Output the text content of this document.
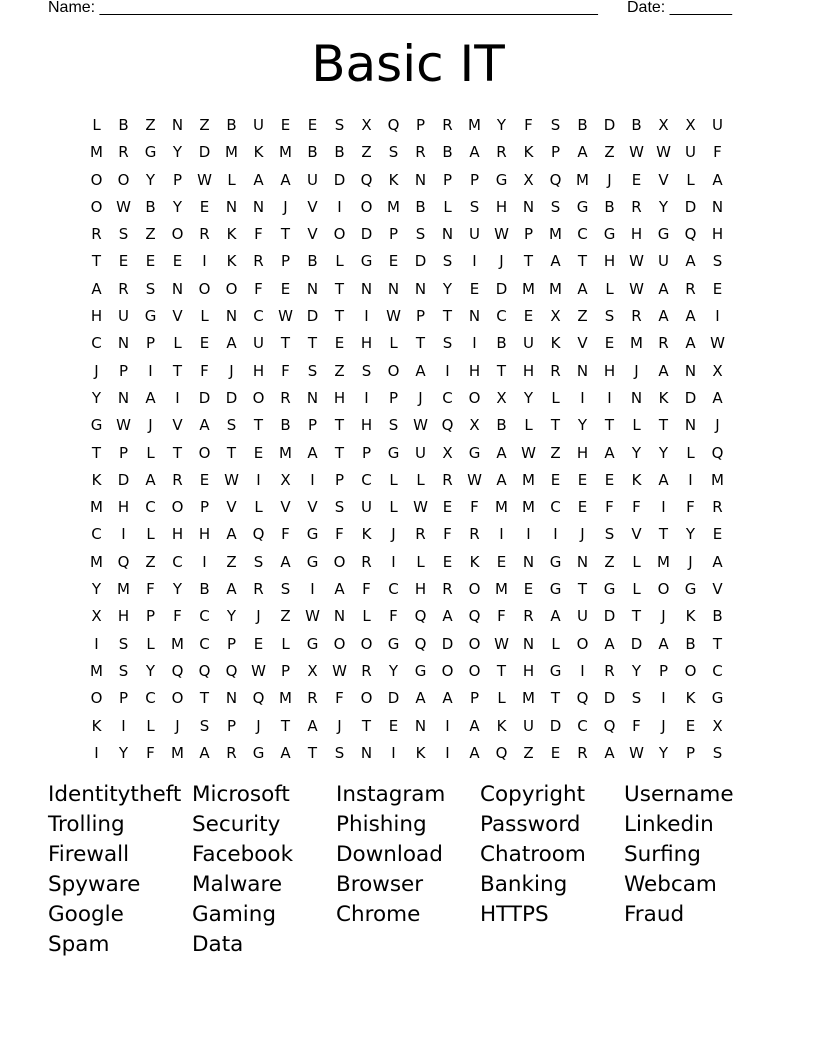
Name: ________________________________________________________ Date: _______
Basic IT
L	B	Z	N	Z	B	U	E	E	S	X	Q	P	R	M	Y	F	S	B	D	B	X	X	U
M	R	G	Y	D M	K	M	B	B	Z	S	R	B	A	R	K	P	A	Z W W U	F
O	O	Y	P	W	L	A	A	U	D	Q	K	N	P	P	G	X	Q M	J	E	V	L	A
O W B	Y	E	N	N	J	V	I	O M	B	L	S	H	N	S	G	B	R	Y	D	N
R	S	Z	O	R	K	F	T	V	O	D	P	S	N	U W	P	M	C	G	H	G	Q	H
T	E	E	E	I	K	R	P	B	L	G	E	D	S	I	J	T	A	T	H W U	A	S
A	R	S	N	O	O	F	E	N	T	N	N	N	Y	E	D M M	A	L	W A	R	E
H	U	G	V	L	N	C W D	T	I	W	P	T	N	C	E	X	Z	S	R	A	A	I
C	N	P	L	E	A	U	T	T	E	H	L	T	S	I	B	U	K	V	E	M	R	A W
J	P	I	T	F	J	H	F	S	Z	S	O	A	I	H	T	H	R	N	H	J	A	N	X
Y	N	A	I	D	D	O	R	N	H	I	P	J	C	O	X	Y	L	I	I	N	K	D	A
G W	J	V	A	S	T	B	P	T	H	S W Q	X	B	L	T	Y	T	L	T	N	J
T	P	L	T	O	T	E	M	A	T	P	G	U	X	G	A W Z	H	A	Y	Y	L	Q
K	D	A	R	E W	I	X	I	P	C	L	L	R W A	M	E	E	E	K	A	I	M
M H	C	O	P	V	L	V	V	S	U	L	W E	F	M M	C	E	F	F	I	F	R
C	I	L	H	H	A	Q	F	G	F	K	J	R	F	R	I	I	I	J	S	V	T	Y	E
M Q	Z	C	I	Z	S	A	G	O	R	I	L	E	K	E	N	G	N	Z	L	M	J	A
Y	M	F	Y	B	A	R	S	I	A	F	C	H	R	O M	E	G	T	G	L	O	G	V
X	H	P	F	C	Y	J	Z W N	L	F	Q	A	Q	F	R	A	U	D	T	J	K	B
I	S	L	M	C	P	E	L	G	O	O	G	Q	D	O W N	L	O	A	D	A	B	T
M	S	Y	Q	Q	Q W	P	X W R	Y	G	O	O	T	H	G	I	R	Y	P	O	C
O	P	C	O	T	N	Q M	R	F	O	D	A	A	P	L	M	T	Q	D	S	I	K	G
K	I	L	J	S	P	J	T	A	J	T	E	N	I	A	K	U	D	C	Q	F	J	E	X
I	Y	F	M	A	R	G	A	T	S	N	I	K	I	A	Q	Z	E	R	A W Y	P	S
Identitytheft Microsoft	Instagram	Copyright	Username
Trolling	Security	Phishing	Password	Linkedin
Firewall	Facebook	Download	Chatroom	Surfing
Spyware	Malware	Browser	Banking	Webcam
Google	Gaming	Chrome	HTTPS	Fraud
Spam	Data
